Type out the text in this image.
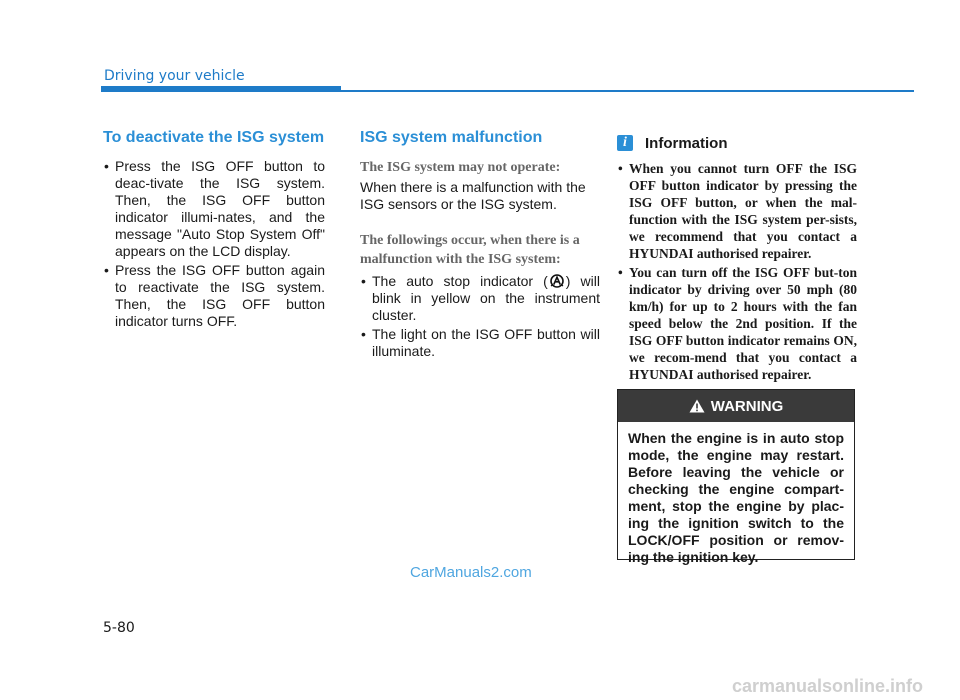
Driving your vehicle
To deactivate the ISG system
• Press the ISG OFF button to deac-tivate the ISG system. Then, the ISG OFF button indicator illumi-nates, and the message "Auto Stop System Off" appears on the LCD display.
• Press the ISG OFF button again to reactivate the ISG system. Then, the ISG OFF button indicator turns OFF.
ISG system malfunction
The ISG system may not operate:
When there is a malfunction with the ISG sensors or the ISG system.
The followings occur, when there is a malfunction with the ISG system:
• The auto stop indicator ( ) will blink in yellow on the instrument cluster.
• The light on the ISG OFF button will illuminate.
i	Information
• When you cannot turn OFF the ISG OFF button indicator by pressing the ISG OFF button, or when the mal-function with the ISG system per-sists, we recommend that you contact a HYUNDAI authorised repairer.
• You can turn off the ISG OFF but-ton indicator by driving over 50 mph (80 km/h) for up to 2 hours with the fan speed below the 2nd position. If the ISG OFF button indicator remains ON, we recom-mend that you contact a HYUNDAI authorised repairer.
WARNING
When the engine is in auto stop mode, the engine may restart. Before leaving the vehicle or checking the engine compart-ment, stop the engine by plac-ing the ignition switch to the LOCK/OFF position or remov-ing the ignition key.
CarManuals2.com
5-80
carmanualsonline.info
